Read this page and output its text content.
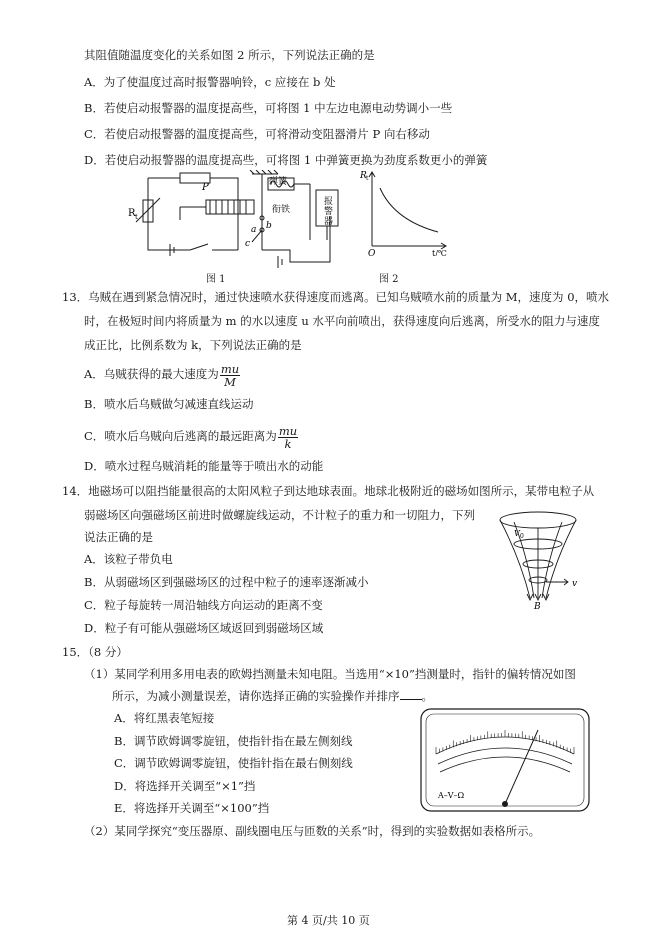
其阻值随温度变化的关系如图 2 所示，下列说法正确的是
A．为了使温度过高时报警器响铃，c 应接在 b 处
B．若使启动报警器的温度提高些，可将图 1 中左边电源电动势调小一些
C．若使启动报警器的温度提高些，可将滑动变阻器滑片 P 向右移动
D．若使启动报警器的温度提高些，可将图 1 中弹簧更换为劲度系数更小的弹簧
R t
P	弹簧
衔铁
报
警
器
a b
c
图 1
R t
O	t/℃
图 2
13．乌贼在遇到紧急情况时，通过快速喷水获得速度而逃离。已知乌贼喷水前的质量为 M，速度为 0，喷水
时，在极短时间内将质量为 m 的水以速度 u 水平向前喷出，获得速度向后逃离，所受水的阻力与速度
成正比，比例系数为 k，下列说法正确的是
A．乌贼获得的最大速度为 $\frac{mu}{M}$
B．喷水后乌贼做匀减速直线运动
C．喷水后乌贼向后逃离的最远距离为 $\frac{mu}{k}$
D．喷水过程乌贼消耗的能量等于喷出水的动能
14．地磁场可以阻挡能量很高的太阳风粒子到达地球表面。地球北极附近的磁场如图所示，某带电粒子从
弱磁场区向强磁场区前进时做螺旋线运动，不计粒子的重力和一切阻力，下列
说法正确的是
A．该粒子带负电
B．从弱磁场区到强磁场区的过程中粒子的速率逐渐减小
C．粒子每旋转一周沿轴线方向运动的距离不变
D．粒子有可能从强磁场区域返回到弱磁场区域
V 0
v
B
15．（8 分）
（1）某同学利用多用电表的欧姆挡测量未知电阻。当选用“×10”挡测量时，指针的偏转情况如图
所示，为减小测量误差，请你选择正确的实验操作并排序 。
A．将红黑表笔短接
B．调节欧姆调零旋钮，使指针指在最左侧刻线
C．调节欧姆调零旋钮，使指针指在最右侧刻线
D．将选择开关调至“×1”挡
E．将选择开关调至“×100”挡
（2）某同学探究“变压器原、副线圈电压与匝数的关系”时，得到的实验数据如表格所示。
A–V–Ω
第 4 页/共 10 页
